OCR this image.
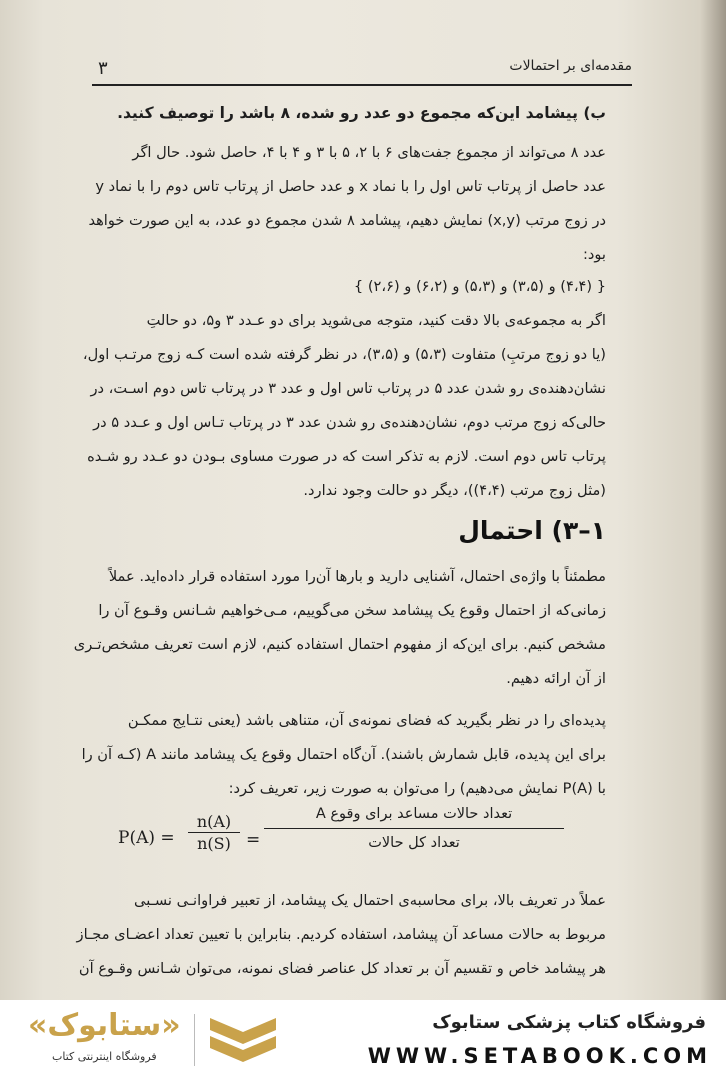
۳	مقدمه‌ای بر احتمالات
ب) پیشامد این‌که مجموع دو عدد رو شده، ۸ باشد را توصیف کنید.
عدد ۸ می‌تواند از مجموع جفت‌های ۶ با ۲، ۵ با ۳ و ۴ با ۴، حاصل شود. حال اگر
عدد حاصل از پرتاب تاس اول را با نماد x و عدد حاصل از پرتاب تاس دوم را با نماد y
در زوج مرتب (x,y) نمایش دهیم، پیشامد ۸ شدن مجموع دو عدد، به این صورت خواهد
بود:
{ (۴،۴) و (۳،۵) و (۵،۳) و (۶،۲) و (۲،۶) }
اگر به مجموعه‌ی بالا دقت کنید، متوجه می‌شوید برای دو عـدد ۳ و۵، دو حالتِ
(یا دو زوج مرتبِ) متفاوت (۵،۳) و (۳،۵)، در نظر گرفته شده است کـه زوج مرتـب اول،
نشان‌دهنده‌ی رو شدن عدد ۵ در پرتاب تاس اول و عدد ۳ در پرتاب تاس دوم اسـت، در
حالی‌که زوج مرتب دوم، نشان‌دهنده‌ی رو شدن عدد ۳ در پرتاب تـاس اول و عـدد ۵ در
پرتاب تاس دوم است. لازم به تذکر است که در صورت مساوی بـودن دو عـدد رو شـده
(مثل زوج مرتب (۴،۴))، دیگر دو حالت وجود ندارد.
۱–۳) احتمال
مطمئناً با واژه‌ی احتمال، آشنایی دارید و بارها آن‌را مورد استفاده قرار داده‌اید. عملاً
زمانی‌که از احتمال وقوع یک پیشامد سخن می‌گوییم، مـی‌خواهیم شـانس وقـوع آن را
مشخص کنیم. برای این‌که از مفهوم احتمال استفاده کنیم، لازم است تعریف مشخص‌تـری
از آن ارائه دهیم.
پدیده‌ای را در نظر بگیرید که فضای نمونه‌ی آن، متناهی باشد (یعنی نتـایج ممکـن
برای این پدیده، قابل شمارش باشند). آن‌گاه احتمال وقوع یک پیشامد مانند A (کـه آن را
با P(A) نمایش می‌دهیم) را می‌توان به صورت زیر، تعریف کرد:
$P(A) = \frac{n(A)}{n(S)}$ =
تعداد حالات مساعد برای وقوع A
تعداد کل حالات
عملاً در تعریف بالا، برای محاسبه‌ی احتمال یک پیشامد، از تعبیر فراوانـی نسـبی
مربوط به حالات مساعد آن پیشامد، استفاده کردیم. بنابراین با تعیین تعداد اعضـای مجـاز
هر پیشامد خاص و تقسیم آن بر تعداد کل عناصر فضای نمونه، می‌توان شـانس وقـوع آن
فروشگاه کتاب پزشکی ستابوک
WWW.SETABOOK.COM
«ستابوک»
فروشگاه اینترنتی کتاب
